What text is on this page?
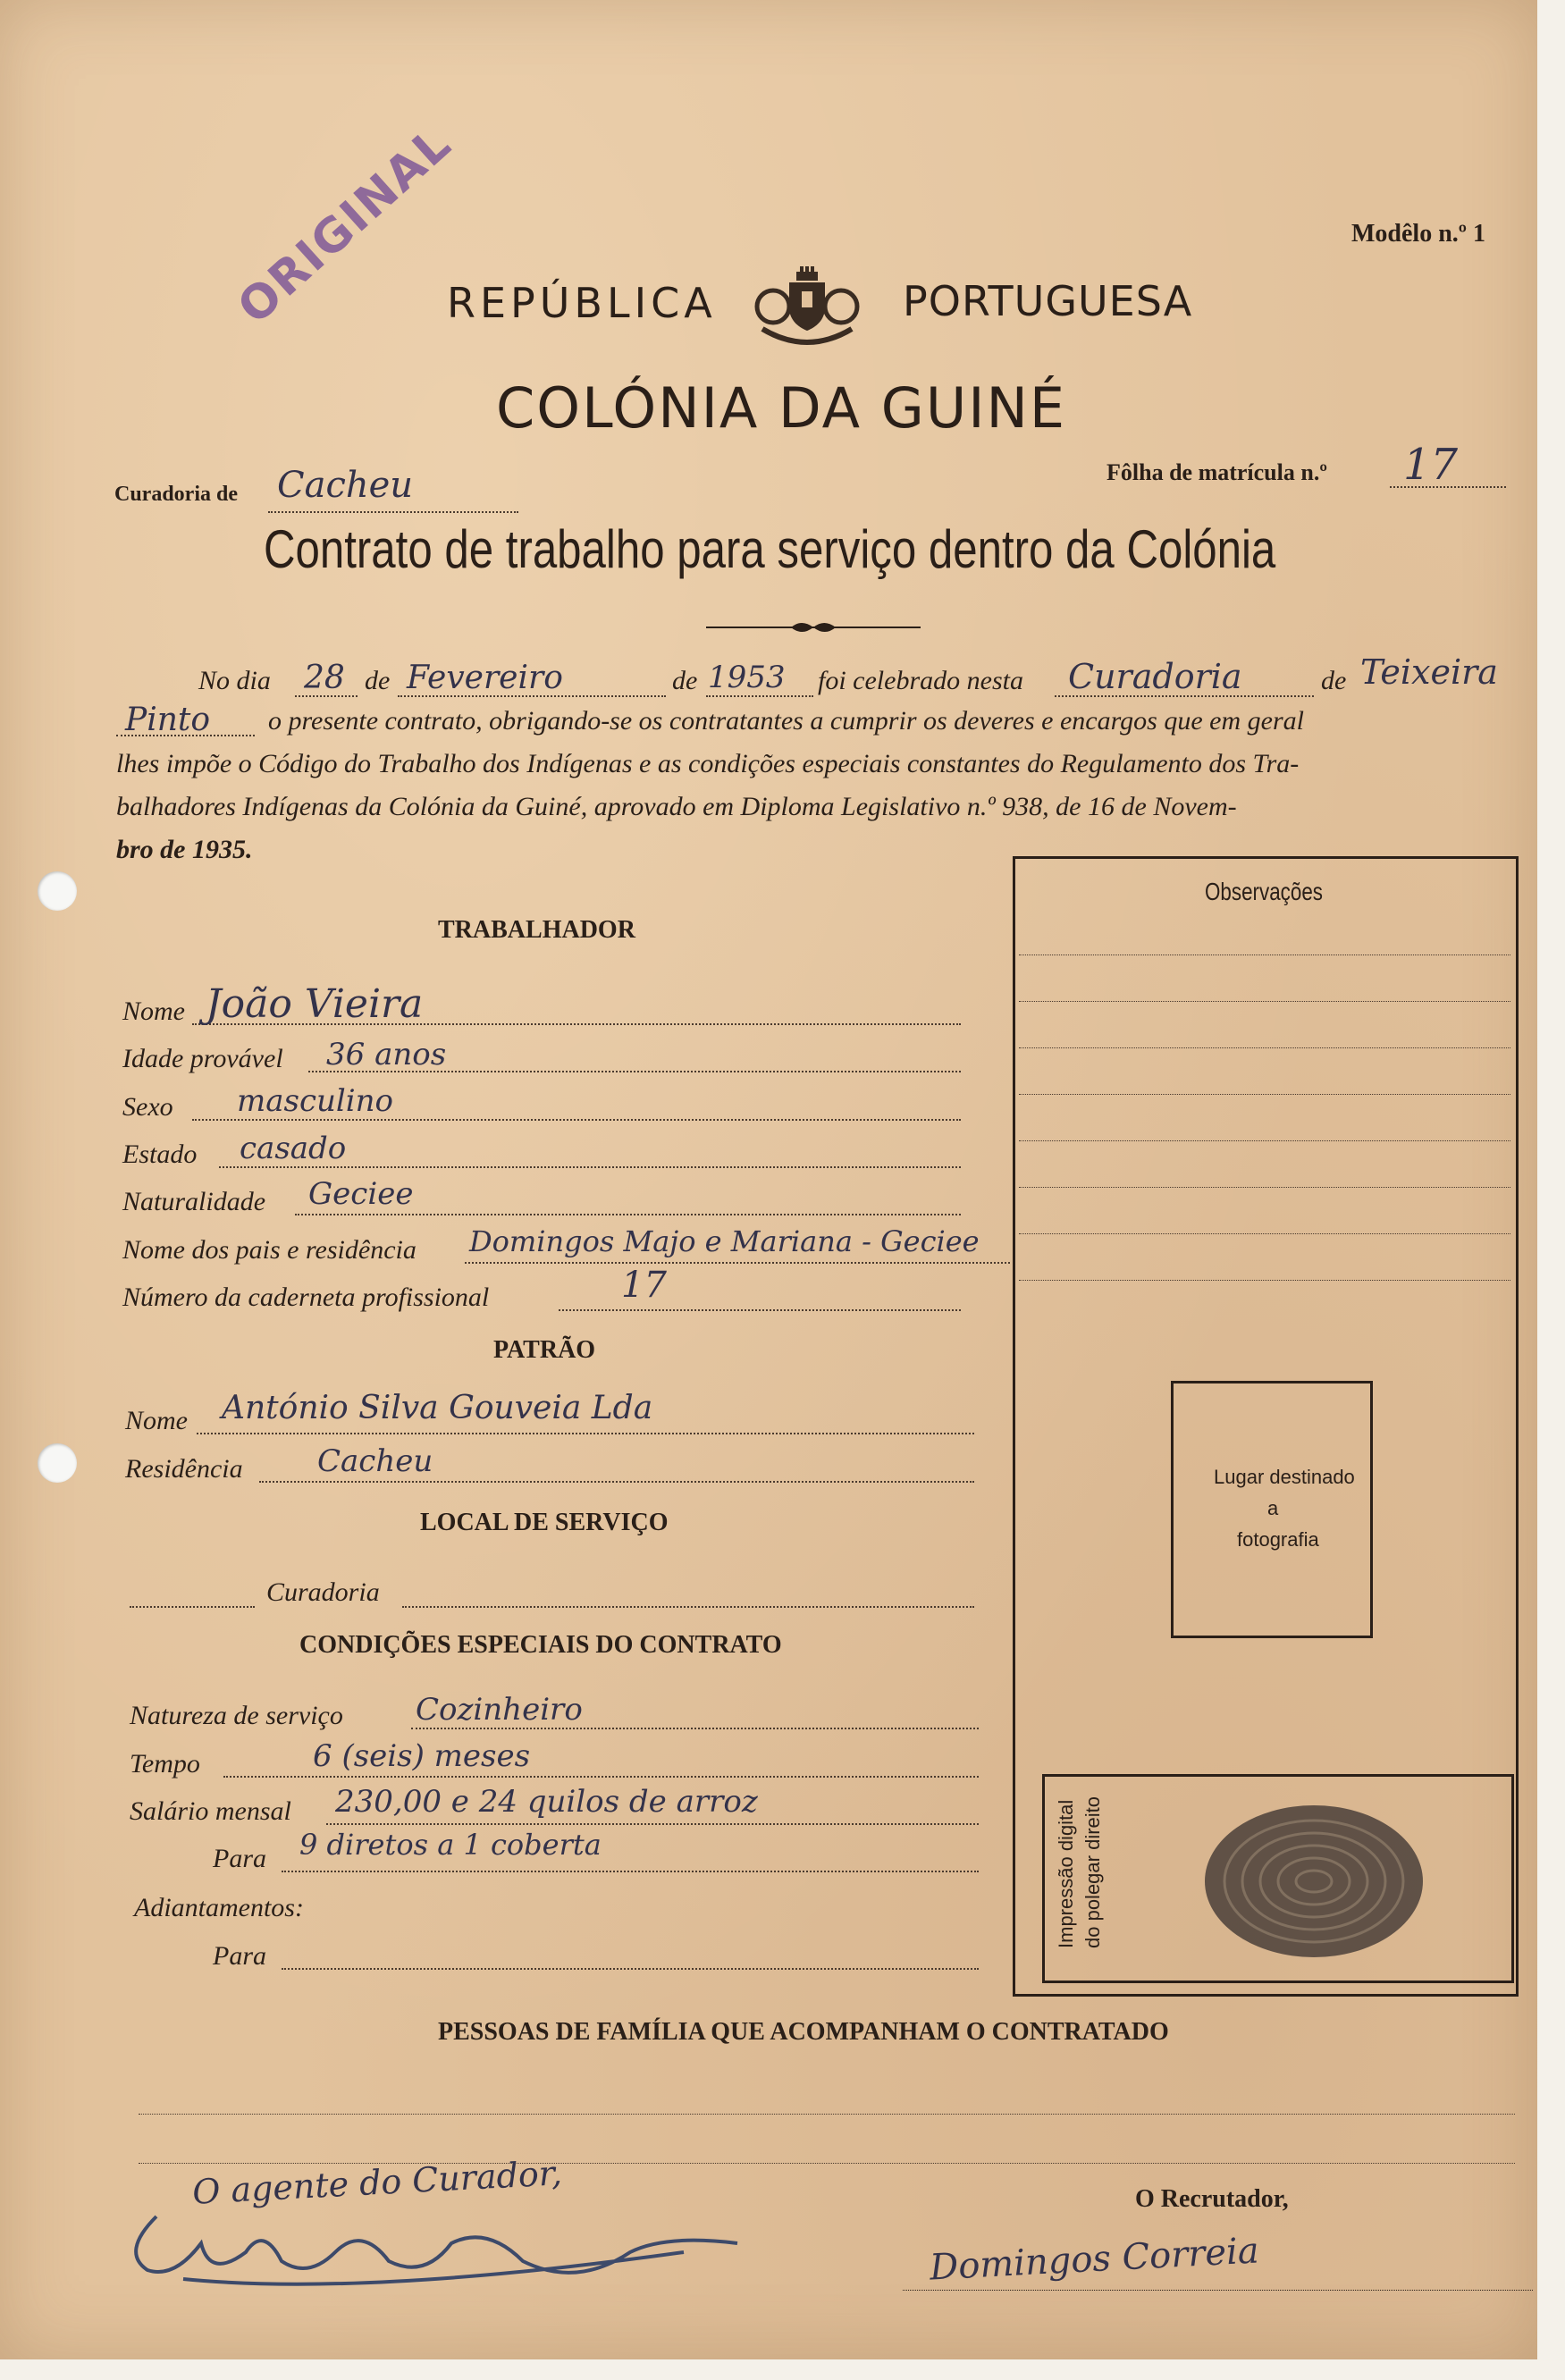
Modêlo n.º 1
ORIGINAL
REPÚBLICA	PORTUGUESA
COLÓNIA DA GUINÉ
Curadoria de Cacheu	Fôlha de matrícula n.º 17
Contrato de trabalho para serviço dentro da Colónia
No dia 28 de Fevereiro	de 1953 foi celebrado nesta Curadoria	de Teixeira
Pinto o presente contrato, obrigando-se os contratantes a cumprir os deveres e encargos que em geral
lhes impõe o Código do Trabalho dos Indígenas e as condições especiais constantes do Regulamento dos Tra-
balhadores Indígenas da Colónia da Guiné, aprovado em Diploma Legislativo n.º 938, de 16 de Novem-
bro de 1935.
TRABALHADOR
Nome João Vieira
Idade provável 36 anos
Sexo masculino
Estado casado
Naturalidade Geciee
Nome dos pais e residência Domingos Majo e Mariana - Geciee
Número da caderneta profissional	17
PATRÃO
Nome António Silva Gouveia Lda
Residência Cacheu
LOCAL DE SERVIÇO
Curadoria
CONDIÇÕES ESPECIAIS DO CONTRATO
Natureza de serviço Cozinheiro
Tempo	6 (seis) meses
Salário mensal 230,00 e 24 quilos de arroz
Para 9 diretos a 1 coberta
Adiantamentos:
Para
Observações
Lugar destinado
a
fotografia
Impressão digital do polegar direito
PESSOAS DE FAMÍLIA QUE ACOMPANHAM O CONTRATADO
O agente do Curador,	O Recrutador,
Domingos Correia
